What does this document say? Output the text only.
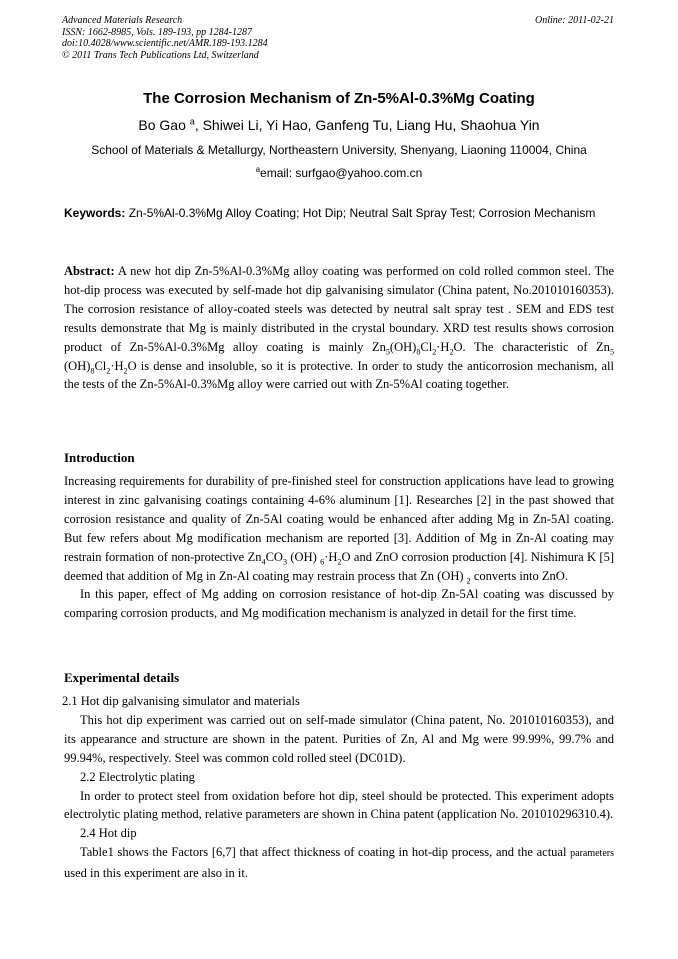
Advanced Materials Research
ISSN: 1662-8985, Vols. 189-193, pp 1284-1287
doi:10.4028/www.scientific.net/AMR.189-193.1284
© 2011 Trans Tech Publications Ltd, Switzerland
Online: 2011-02-21
The Corrosion Mechanism of Zn-5%Al-0.3%Mg Coating
Bo Gao $^a$, Shiwei Li, Yi Hao, Ganfeng Tu, Liang Hu, Shaohua Yin
School of Materials & Metallurgy, Northeastern University, Shenyang, Liaoning 110004, China
$^a$email: surfgao@yahoo.com.cn
Keywords: Zn-5%Al-0.3%Mg Alloy Coating; Hot Dip; Neutral Salt Spray Test; Corrosion Mechanism

Abstract: A new hot dip Zn-5%Al-0.3%Mg alloy coating was performed on cold rolled common steel. The hot-dip process was executed by self-made hot dip galvanising simulator (China patent, No.201010160353). The corrosion resistance of alloy-coated steels was detected by neutral salt spray test . SEM and EDS test results demonstrate that Mg is mainly distributed in the crystal boundary. XRD test results shows corrosion product of Zn-5%Al-0.3%Mg alloy coating is mainly $Zn_5(OH)_8Cl_2\cdot H_2O$. The characteristic of $Zn_5$ $(OH)_8Cl_2\cdot H_2O$ is dense and insoluble, so it is protective. In order to study the anticorrosion mechanism, all the tests of the Zn-5%Al-0.3%Mg alloy were carried out with Zn-5%Al coating together.

Introduction

Increasing requirements for durability of pre-finished steel for construction applications have lead to growing interest in zinc galvanising coatings containing 4-6% aluminum [1]. Researches [2] in the past showed that corrosion resistance and quality of Zn-5Al coating would be enhanced after adding Mg in Zn-5Al coating. But few refers about Mg modification mechanism are reported [3]. Addition of Mg in Zn-Al coating may restrain formation of non-protective $Zn_4CO_3$ (OH) $_6\cdot H_2O$ and ZnO corrosion production [4]. Nishimura K [5] deemed that addition of Mg in Zn-Al coating may restrain process that Zn (OH) $_2$ converts into ZnO.

In this paper, effect of Mg adding on corrosion resistance of hot-dip Zn-5Al coating was discussed by comparing corrosion products, and Mg modification mechanism is analyzed in detail for the first time.

Experimental details

2.1 Hot dip galvanising simulator and materials

This hot dip experiment was carried out on self-made simulator (China patent, No. 201010160353), and its appearance and structure are shown in the patent. Purities of Zn, Al and Mg were 99.99%, 99.7% and 99.94%, respectively. Steel was common cold rolled steel (DC01D).

2.2 Electrolytic plating

In order to protect steel from oxidation before hot dip, steel should be protected. This experiment adopts electrolytic plating method, relative parameters are shown in China patent (application No. 201010296310.4).

2.4 Hot dip

Table1 shows the Factors [6,7] that affect thickness of coating in hot-dip process, and the actual parameters used in this experiment are also in it.
